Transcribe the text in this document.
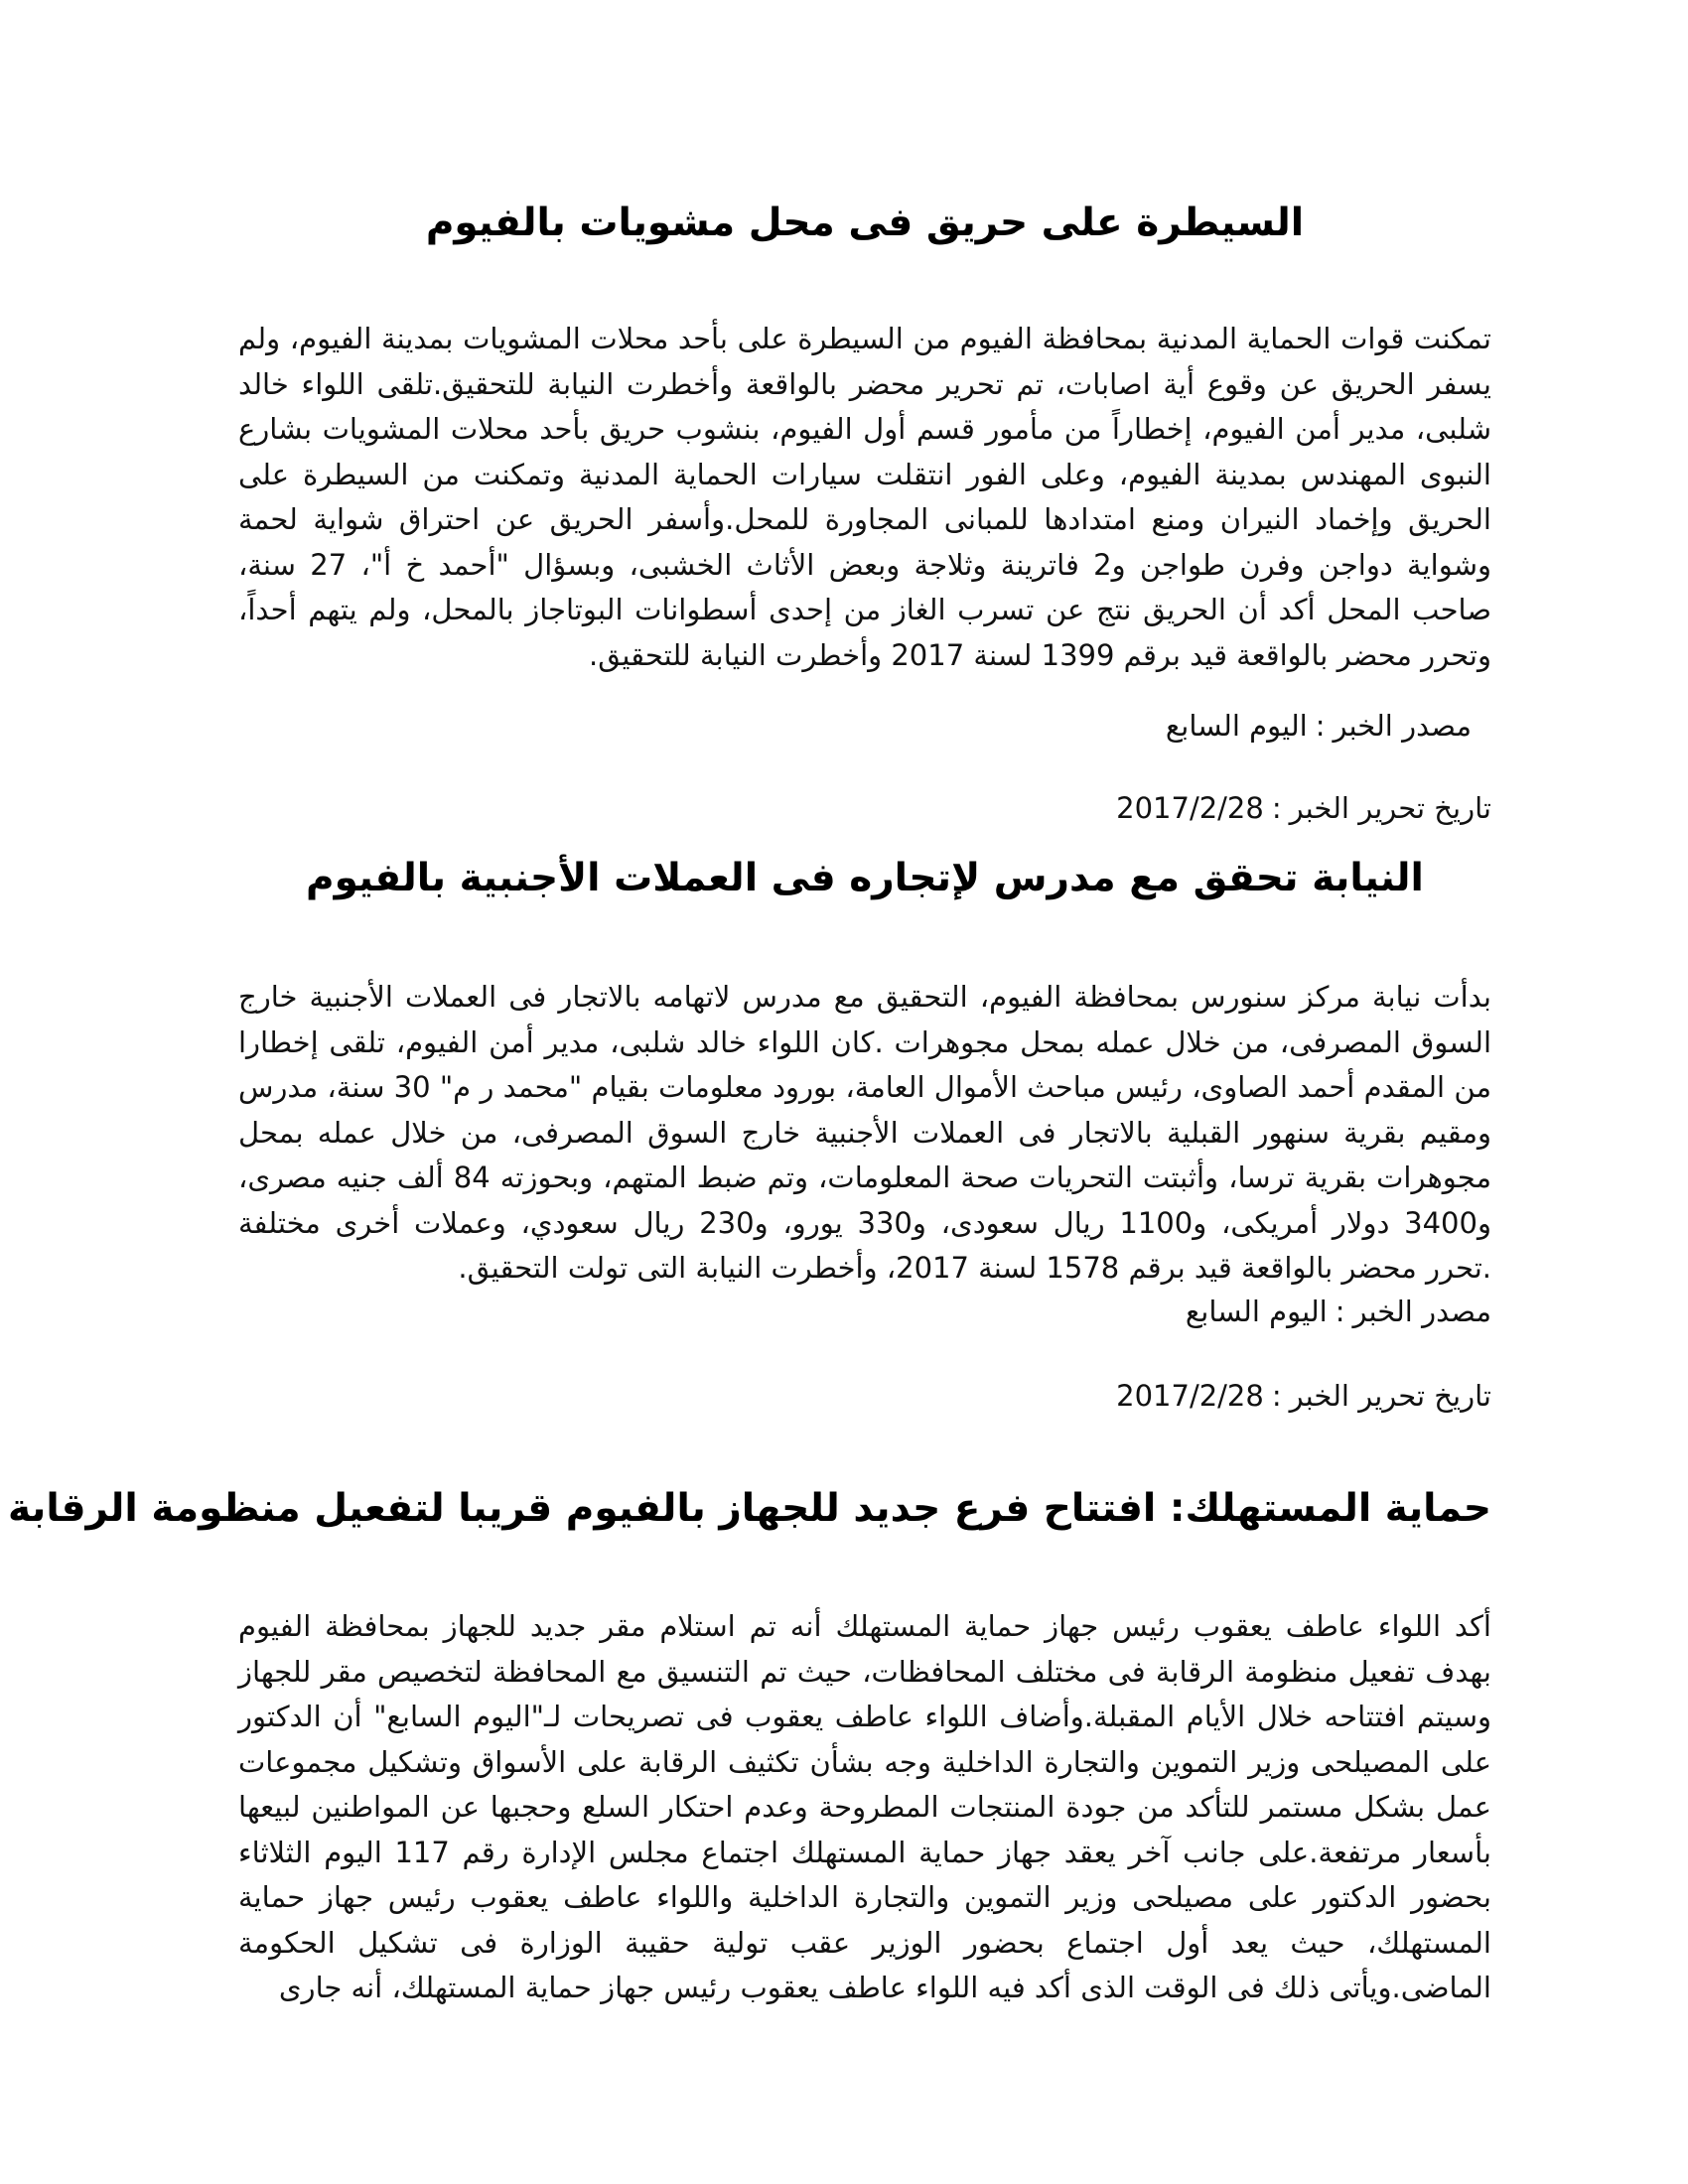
السيطرة على حريق فى محل مشويات بالفيوم

تمكنت قوات الحماية المدنية بمحافظة الفيوم من السيطرة على بأحد محلات المشويات بمدينة الفيوم، ولم يسفر الحريق عن وقوع أية اصابات، تم تحرير محضر بالواقعة وأخطرت النيابة للتحقيق.تلقى اللواء خالد شلبى، مدير أمن الفيوم، إخطاراً من مأمور قسم أول الفيوم، بنشوب حريق بأحد محلات المشويات بشارع النبوى المهندس بمدينة الفيوم، وعلى الفور انتقلت سيارات الحماية المدنية وتمكنت من السيطرة على الحريق وإخماد النيران ومنع امتدادها للمبانى المجاورة للمحل.وأسفر الحريق عن احتراق شواية لحمة وشواية دواجن وفرن طواجن و2 فاترينة وثلاجة وبعض الأثاث الخشبى، وبسؤال "أحمد خ أ"، 27 سنة، صاحب المحل أكد أن الحريق نتج عن تسرب الغاز من إحدى أسطوانات البوتاجاز بالمحل، ولم يتهم أحداً، وتحرر محضر بالواقعة قيد برقم 1399 لسنة 2017 وأخطرت النيابة للتحقيق.

مصدر الخبر:اليوم السابع

تاريخ تحرير الخبر:2017/2/28

النيابة تحقق مع مدرس لإتجاره فى العملات الأجنبية بالفيوم

بدأت نيابة مركز سنورس بمحافظة الفيوم، التحقيق مع مدرس لاتهامه بالاتجار فى العملات الأجنبية خارج السوق المصرفى، من خلال عمله بمحل مجوهرات .كان اللواء خالد شلبى، مدير أمن الفيوم، تلقى إخطارا من المقدم أحمد الصاوى، رئيس مباحث الأموال العامة، بورود معلومات بقيام "محمد ر م" 30 سنة، مدرس ومقيم بقرية سنهور القبلية بالاتجار فى العملات الأجنبية خارج السوق المصرفى، من خلال عمله بمحل مجوهرات بقرية ترسا، وأثبتت التحريات صحة المعلومات، وتم ضبط المتهم، وبحوزته 84 ألف جنيه مصرى، و3400 دولار أمريكى، و1100 ريال سعودى، و330 يورو، و230 ريال سعودي، وعملات أخرى مختلفة .تحرر محضر بالواقعة قيد برقم 1578 لسنة 2017، وأخطرت النيابة التى تولت التحقيق.

مصدر الخبر:اليوم السابع

تاريخ تحرير الخبر:2017/2/28

حماية المستهلك: افتتاح فرع جديد للجهاز بالفيوم قريبا لتفعيل منظومة الرقابة

أكد اللواء عاطف يعقوب رئيس جهاز حماية المستهلك أنه تم استلام مقر جديد للجهاز بمحافظة الفيوم بهدف تفعيل منظومة الرقابة فى مختلف المحافظات، حيث تم التنسيق مع المحافظة لتخصيص مقر للجهاز وسيتم افتتاحه خلال الأيام المقبلة.وأضاف اللواء عاطف يعقوب فى تصريحات لـ"اليوم السابع" أن الدكتور على المصيلحى وزير التموين والتجارة الداخلية وجه بشأن تكثيف الرقابة على الأسواق وتشكيل مجموعات عمل بشكل مستمر للتأكد من جودة المنتجات المطروحة وعدم احتكار السلع وحجبها عن المواطنين لبيعها بأسعار مرتفعة.على جانب آخر يعقد جهاز حماية المستهلك اجتماع مجلس الإدارة رقم 117 اليوم الثلاثاء بحضور الدكتور على مصيلحى وزير التموين والتجارة الداخلية واللواء عاطف يعقوب رئيس جهاز حماية المستهلك، حيث يعد أول اجتماع بحضور الوزير عقب تولية حقيبة الوزارة فى تشكيل الحكومة الماضى.ويأتى ذلك فى الوقت الذى أكد فيه اللواء عاطف يعقوب رئيس جهاز حماية المستهلك، أنه جارى
